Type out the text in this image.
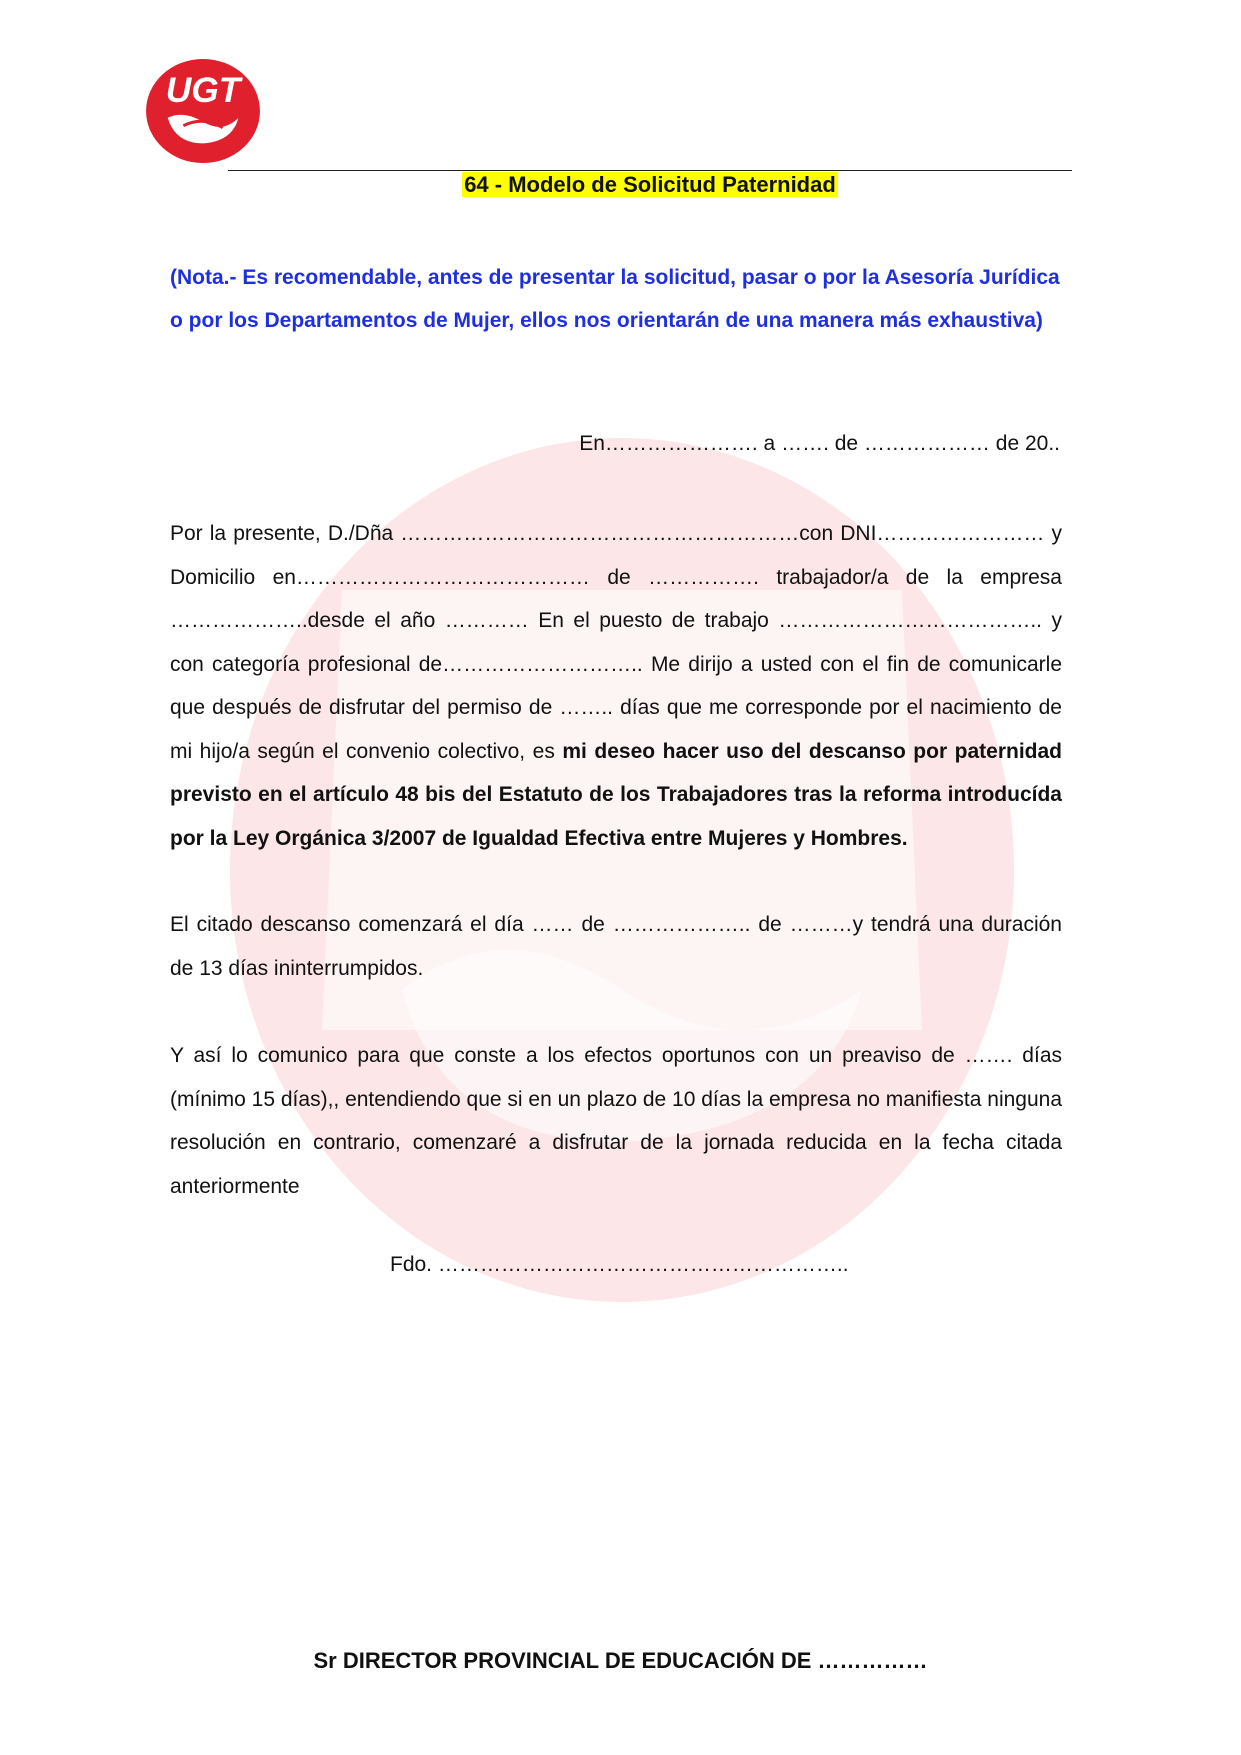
UGT
64 - Modelo de Solicitud Paternidad
(Nota.- Es recomendable, antes de presentar la solicitud, pasar o por la Asesoría Jurídica
o por los Departamentos de Mujer, ellos nos orientarán de una manera más exhaustiva)
En…………………. a ……. de ……………… de 20..
Por la presente, D./Dña …………………………………………………con DNI…………………… y Domicilio en…………………………………… de ……………. trabajador/a de la empresa ………………..desde el año ………… En el puesto de trabajo ……………………………….. y con categoría profesional de……………………….. Me dirijo a usted con el fin de comunicarle que después de disfrutar del permiso de …….. días que me corresponde por el nacimiento de mi hijo/a según el convenio colectivo, es mi deseo hacer uso del descanso por paternidad previsto en el artículo 48 bis del Estatuto de los Trabajadores tras la reforma introducída por la Ley Orgánica 3/2007 de Igualdad Efectiva entre Mujeres y Hombres.
El citado descanso comenzará el día …… de ……………….. de ………y tendrá una duración de 13 días ininterrumpidos.
Y así lo comunico para que conste a los efectos oportunos con un preaviso de ……. días (mínimo 15 días),, entendiendo que si en un plazo de 10 días la empresa no manifiesta ninguna resolución en contrario, comenzaré a disfrutar de la jornada reducida en la fecha citada anteriormente
Fdo. …………………………………………………..
Sr DIRECTOR PROVINCIAL DE EDUCACIÓN DE ……………
